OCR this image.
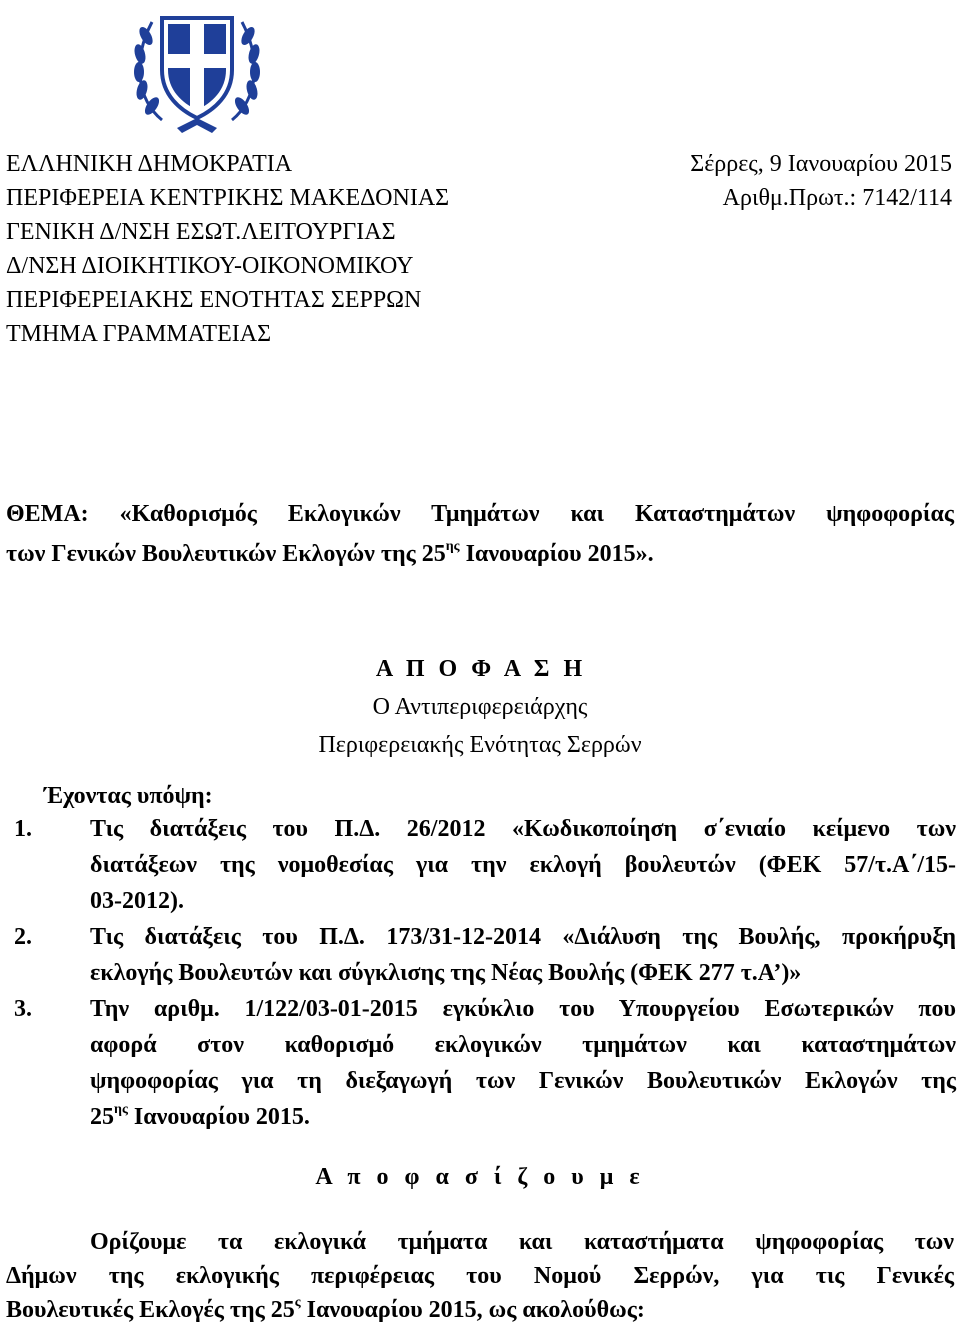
ΕΛΛΗΝΙΚΗ ΔΗΜΟΚΡΑΤΙΑ
ΠΕΡΙΦΕΡΕΙΑ ΚΕΝΤΡΙΚΗΣ ΜΑΚΕΔΟΝΙΑΣ
ΓΕΝΙΚΗ Δ/ΝΣΗ ΕΣΩΤ.ΛΕΙΤΟΥΡΓΙΑΣ
Δ/ΝΣΗ ΔΙΟΙΚΗΤΙΚΟΥ-ΟΙΚΟΝΟΜΙΚΟΥ
ΠΕΡΙΦΕΡΕΙΑΚΗΣ ΕΝΟΤΗΤΑΣ ΣΕΡΡΩΝ
ΤΜΗΜΑ ΓΡΑΜΜΑΤΕΙΑΣ
Σέρρες, 9 Ιανουαρίου 2015
Αριθμ.Πρωτ.: 7142/114
ΘΕΜΑ: «Καθορισμός Εκλογικών Τμημάτων και Καταστημάτων ψηφοφορίας
των Γενικών Βουλευτικών Εκλογών της $25^{\eta\varsigma}$ Ιανουαρίου 2015».
Α Π Ο Φ Α Σ Η
Ο Αντιπεριφερειάρχης
Περιφερειακής Ενότητας Σερρών
Έχοντας υπόψη:
1. Τις διατάξεις του Π.Δ. 26/2012 «Κωδικοποίηση σ΄ενιαίο κείμενο των
διατάξεων της νομοθεσίας για την εκλογή βουλευτών (ΦΕΚ 57/τ.Α΄/15-
03-2012).
2. Τις διατάξεις του Π.Δ. 173/31-12-2014 «Διάλυση της Βουλής, προκήρυξη
εκλογής Βουλευτών και σύγκλισης της Νέας Βουλής (ΦΕΚ 277 τ.Α’)»
3. Την αριθμ. 1/122/03-01-2015 εγκύκλιο του Υπουργείου Εσωτερικών που
αφορά στον καθορισμό εκλογικών τμημάτων και καταστημάτων
ψηφοφορίας για τη διεξαγωγή των Γενικών Βουλευτικών Εκλογών της
$25^{\eta\varsigma}$ Ιανουαρίου 2015.
Α π ο φ α σ ί ζ ο υ μ ε
Ορίζουμε τα εκλογικά τμήματα και καταστήματα ψηφοφορίας των
Δήμων της εκλογικής περιφέρειας του Νομού Σερρών, για τις Γενικές
Βουλευτικές Εκλογές της $25^\varsigma$ Ιανουαρίου 2015, ως ακολούθως:
